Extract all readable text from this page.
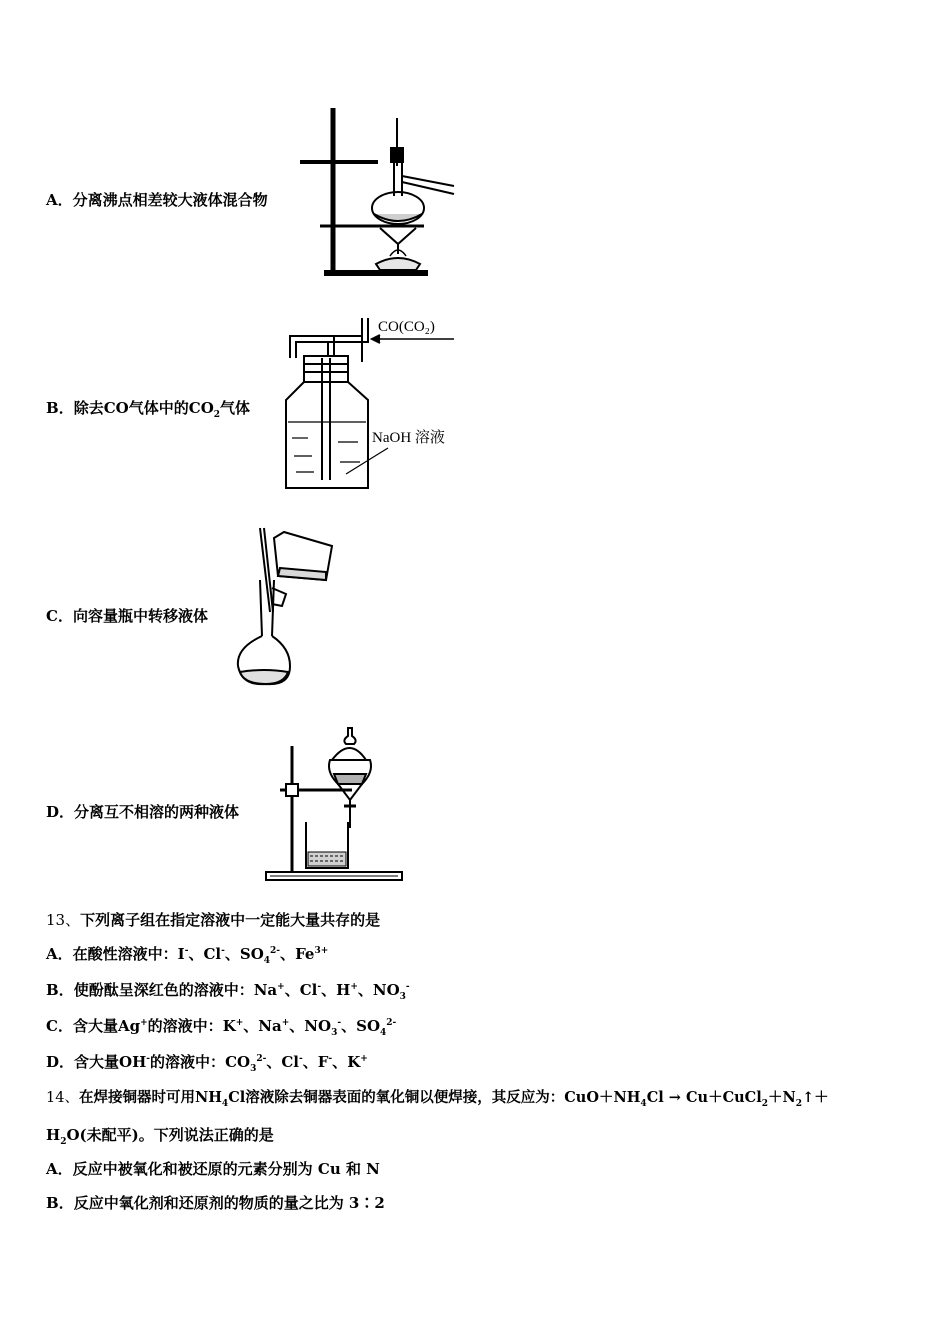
A．分离沸点相差较大液体混合物
B．除去CO气体中的$CO_2$气体
CO(CO₂)
NaOH 溶液
C．向容量瓶中转移液体
D．分离互不相溶的两种液体
13、下列离子组在指定溶液中一定能大量共存的是
A．在酸性溶液中：I-、Cl-、$SO_4^{2-}$、$Fe^{3+}$
B．使酚酞呈深红色的溶液中：Na+、Cl-、H+、$NO_3^-$
C．含大量Ag+的溶液中：K+、Na+、$NO_3^-$、$SO_4^{2-}$
D．含大量OH-的溶液中：$CO_3^{2-}$、Cl-、F-、K+
14、在焊接铜器时可用$NH_4Cl$溶液除去铜器表面的氧化铜以便焊接，其反应为：$CuO+NH_4Cl$ → $Cu+CuCl_2+N_2↑+$
$H_2O$(未配平)。下列说法正确的是
A．反应中被氧化和被还原的元素分别为 Cu 和 N
B．反应中氧化剂和还原剂的物质的量之比为 3∶2
